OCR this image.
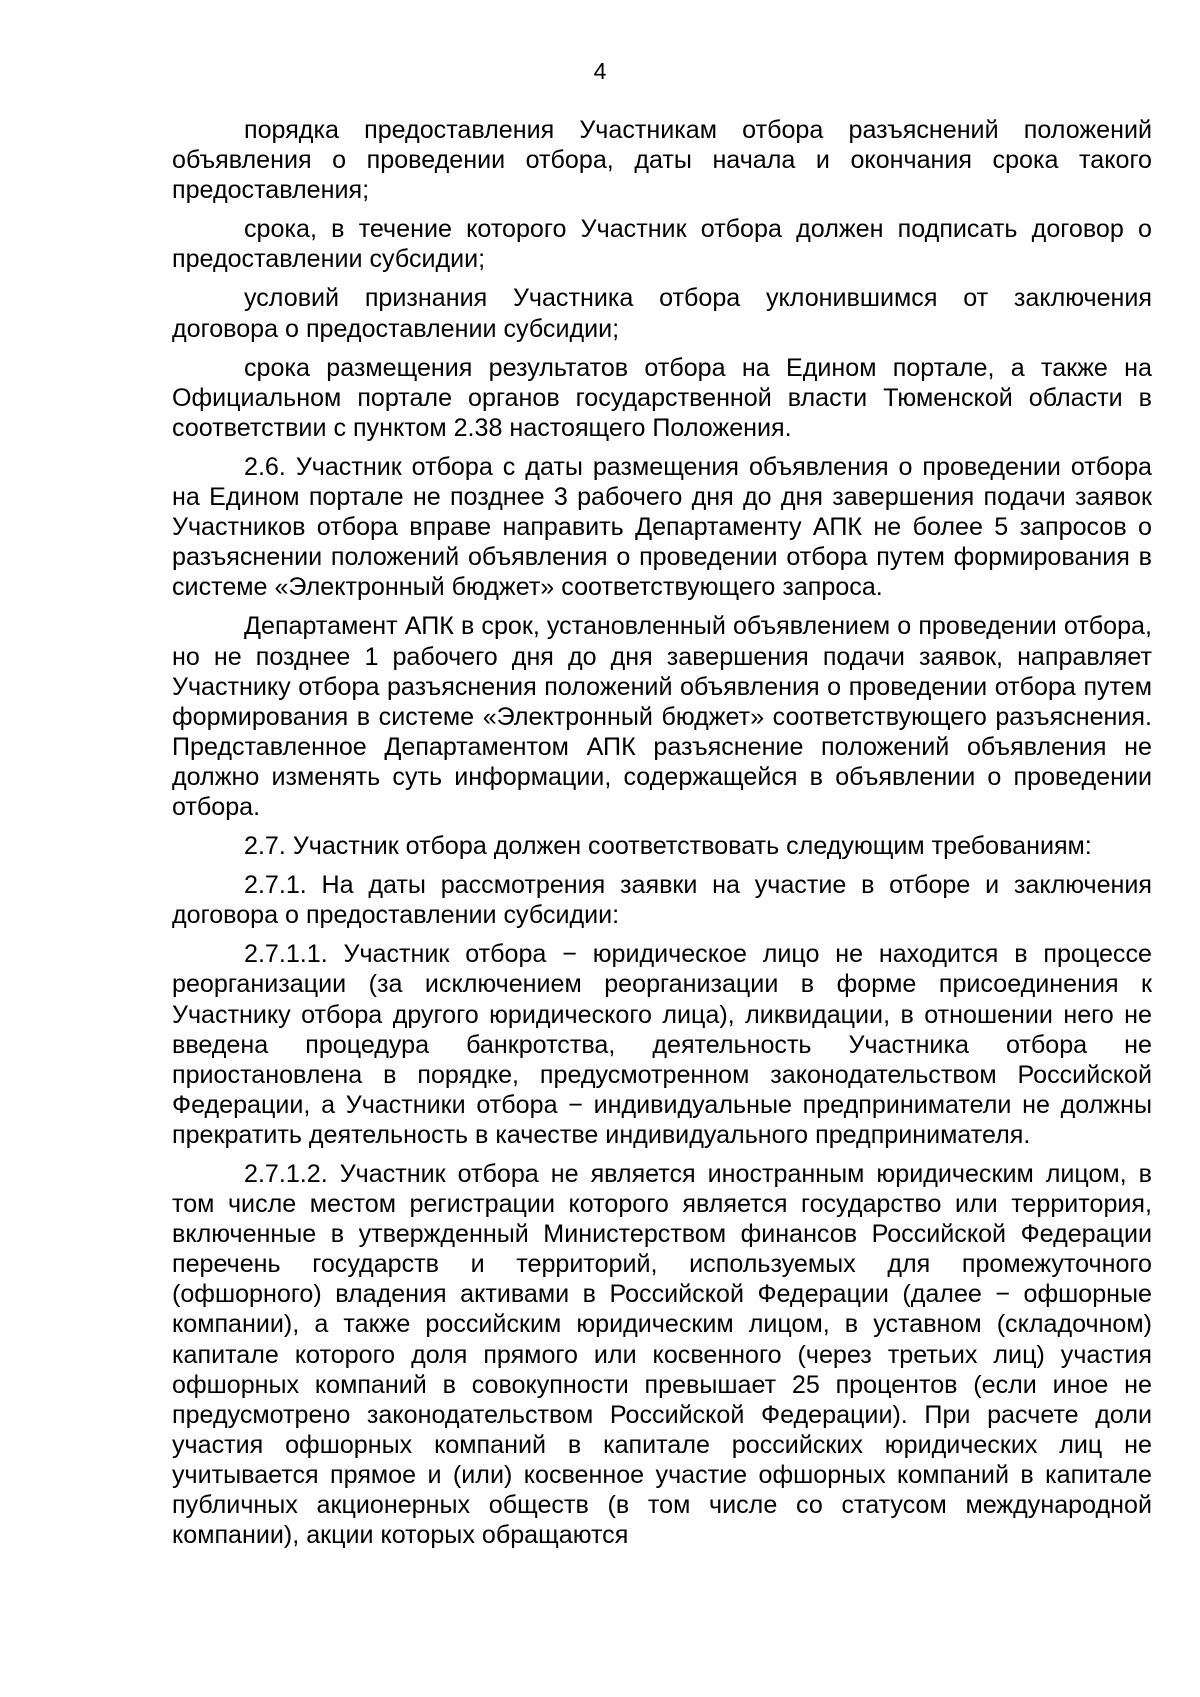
4

порядка предоставления Участникам отбора разъяснений положений объявления о проведении отбора, даты начала и окончания срока такого предоставления;

срока, в течение которого Участник отбора должен подписать договор о предоставлении субсидии;

условий признания Участника отбора уклонившимся от заключения договора о предоставлении субсидии;

срока размещения результатов отбора на Едином портале, а также на Официальном портале органов государственной власти Тюменской области в соответствии с пунктом 2.38 настоящего Положения.

2.6. Участник отбора с даты размещения объявления о проведении отбора на Едином портале не позднее 3 рабочего дня до дня завершения подачи заявок Участников отбора вправе направить Департаменту АПК не более 5 запросов о разъяснении положений объявления о проведении отбора путем формирования в системе «Электронный бюджет» соответствующего запроса.

Департамент АПК в срок, установленный объявлением о проведении отбора, но не позднее 1 рабочего дня до дня завершения подачи заявок, направляет Участнику отбора разъяснения положений объявления о проведении отбора путем формирования в системе «Электронный бюджет» соответствующего разъяснения. Представленное Департаментом АПК разъяснение положений объявления не должно изменять суть информации, содержащейся в объявлении о проведении отбора.

2.7. Участник отбора должен соответствовать следующим требованиям:

2.7.1. На даты рассмотрения заявки на участие в отборе и заключения договора о предоставлении субсидии:

2.7.1.1. Участник отбора − юридическое лицо не находится в процессе реорганизации (за исключением реорганизации в форме присоединения к Участнику отбора другого юридического лица), ликвидации, в отношении него не введена процедура банкротства, деятельность Участника отбора не приостановлена в порядке, предусмотренном законодательством Российской Федерации, а Участники отбора − индивидуальные предприниматели не должны прекратить деятельность в качестве индивидуального предпринимателя.

2.7.1.2. Участник отбора не является иностранным юридическим лицом, в том числе местом регистрации которого является государство или территория, включенные в утвержденный Министерством финансов Российской Федерации перечень государств и территорий, используемых для промежуточного (офшорного) владения активами в Российской Федерации (далее − офшорные компании), а также российским юридическим лицом, в уставном (складочном) капитале которого доля прямого или косвенного (через третьих лиц) участия офшорных компаний в совокупности превышает 25 процентов (если иное не предусмотрено законодательством Российской Федерации). При расчете доли участия офшорных компаний в капитале российских юридических лиц не учитывается прямое и (или) косвенное участие офшорных компаний в капитале публичных акционерных обществ (в том числе со статусом международной компании), акции которых обращаются
